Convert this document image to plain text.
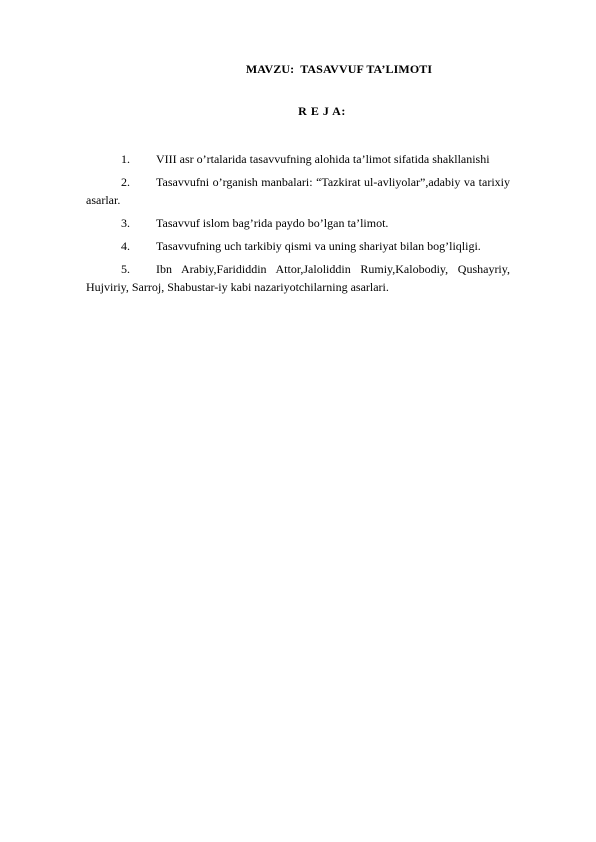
MAVZU:  TASAVVUF TA’LIMOTI
R E J A:
1.	VIII asr o’rtalarida tasavvufning alohida ta’limot sifatida shakllanishi
2.	Tasavvufni o’rganish manbalari: “Tazkirat ul-avliyolar”,adabiy va tarixiy asarlar.
3.	Tasavvuf islom bag’rida paydo bo’lgan ta’limot.
4.	Tasavvufning uch tarkibiy qismi va uning shariyat bilan bog’liqligi.
5.	Ibn Arabiy,Farididdin Attor,Jaloliddin Rumiy,Kalobodiy, Qushayriy, Hujviriy, Sarroj, Shabustar-iy kabi nazariyotchilarning asarlari.
